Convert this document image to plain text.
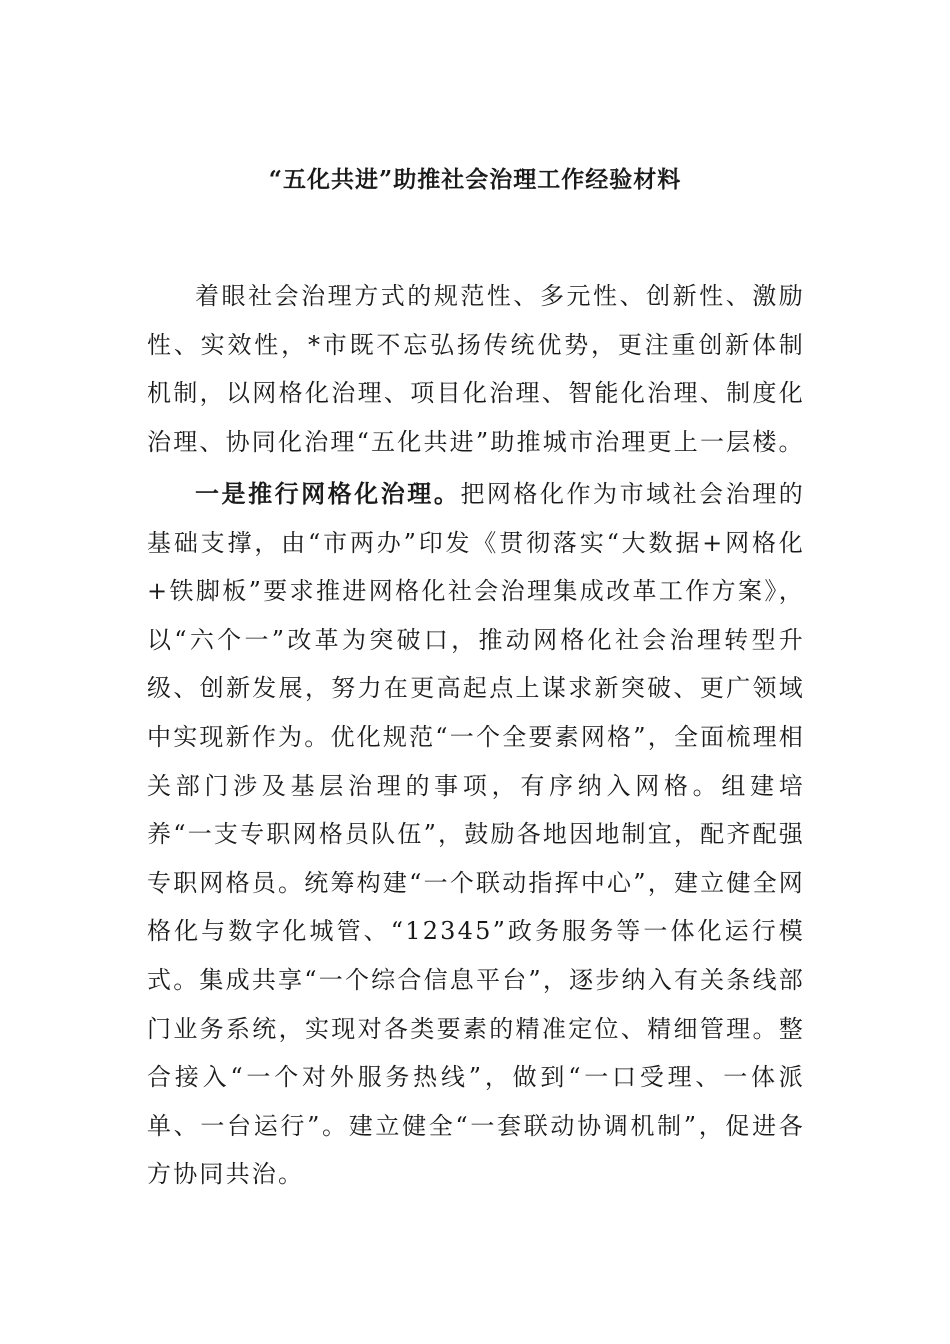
“五化共进”助推社会治理工作经验材料

着眼社会治理方式的规范性、多元性、创新性、激励性、实效性，*市既不忘弘扬传统优势，更注重创新体制机制，以网格化治理、项目化治理、智能化治理、制度化治理、协同化治理“五化共进”助推城市治理更上一层楼。

一是推行网格化治理。把网格化作为市域社会治理的基础支撑，由“市两办”印发《贯彻落实“大数据+网格化+铁脚板”要求推进网格化社会治理集成改革工作方案》，以“六个一”改革为突破口，推动网格化社会治理转型升级、创新发展，努力在更高起点上谋求新突破、更广领域中实现新作为。优化规范“一个全要素网格”，全面梳理相关部门涉及基层治理的事项，有序纳入网格。组建培养“一支专职网格员队伍”，鼓励各地因地制宜，配齐配强专职网格员。统筹构建“一个联动指挥中心”，建立健全网格化与数字化城管、“12345”政务服务等一体化运行模式。集成共享“一个综合信息平台”，逐步纳入有关条线部门业务系统，实现对各类要素的精准定位、精细管理。整合接入“一个对外服务热线”，做到“一口受理、一体派单、一台运行”。建立健全“一套联动协调机制”，促进各方协同共治。
